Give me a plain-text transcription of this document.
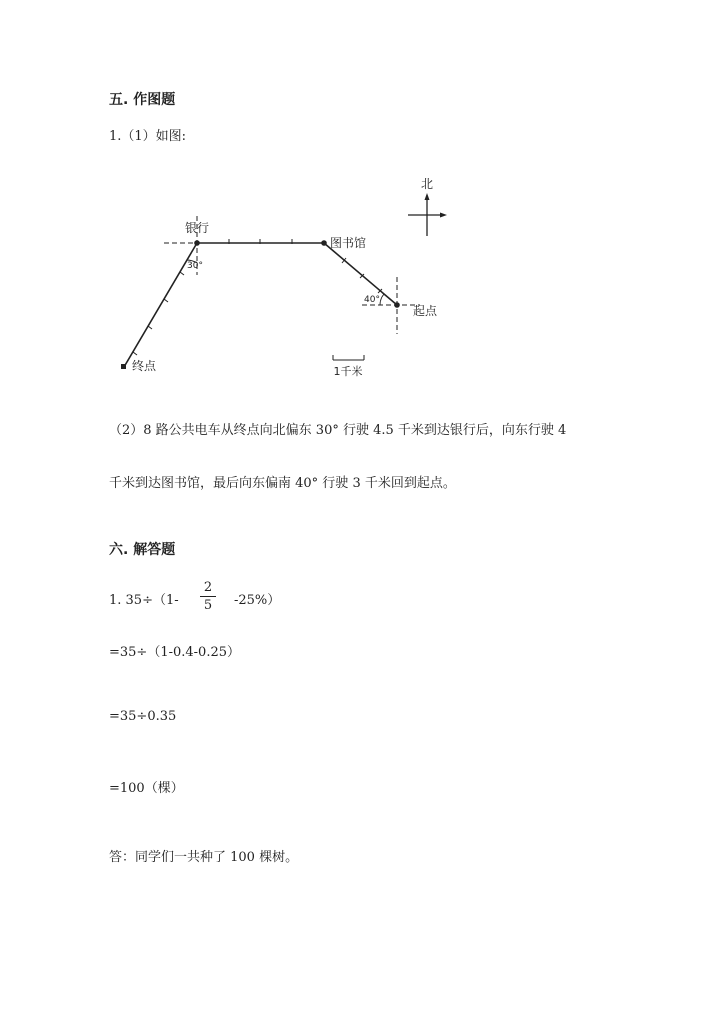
五. 作图题
1.（1）如图:
北
银行
图书馆
起点
终点
30°
40°
1千米
（2）8 路公共电车从终点向北偏东 30° 行驶 4.5 千米到达银行后，向东行驶 4
千米到达图书馆，最后向东偏南 40° 行驶 3 千米回到起点。
六. 解答题
1. 35÷（1-
2
5 -25%）
=35÷（1-0.4-0.25）
=35÷0.35
=100（棵）
答：同学们一共种了 100 棵树。
